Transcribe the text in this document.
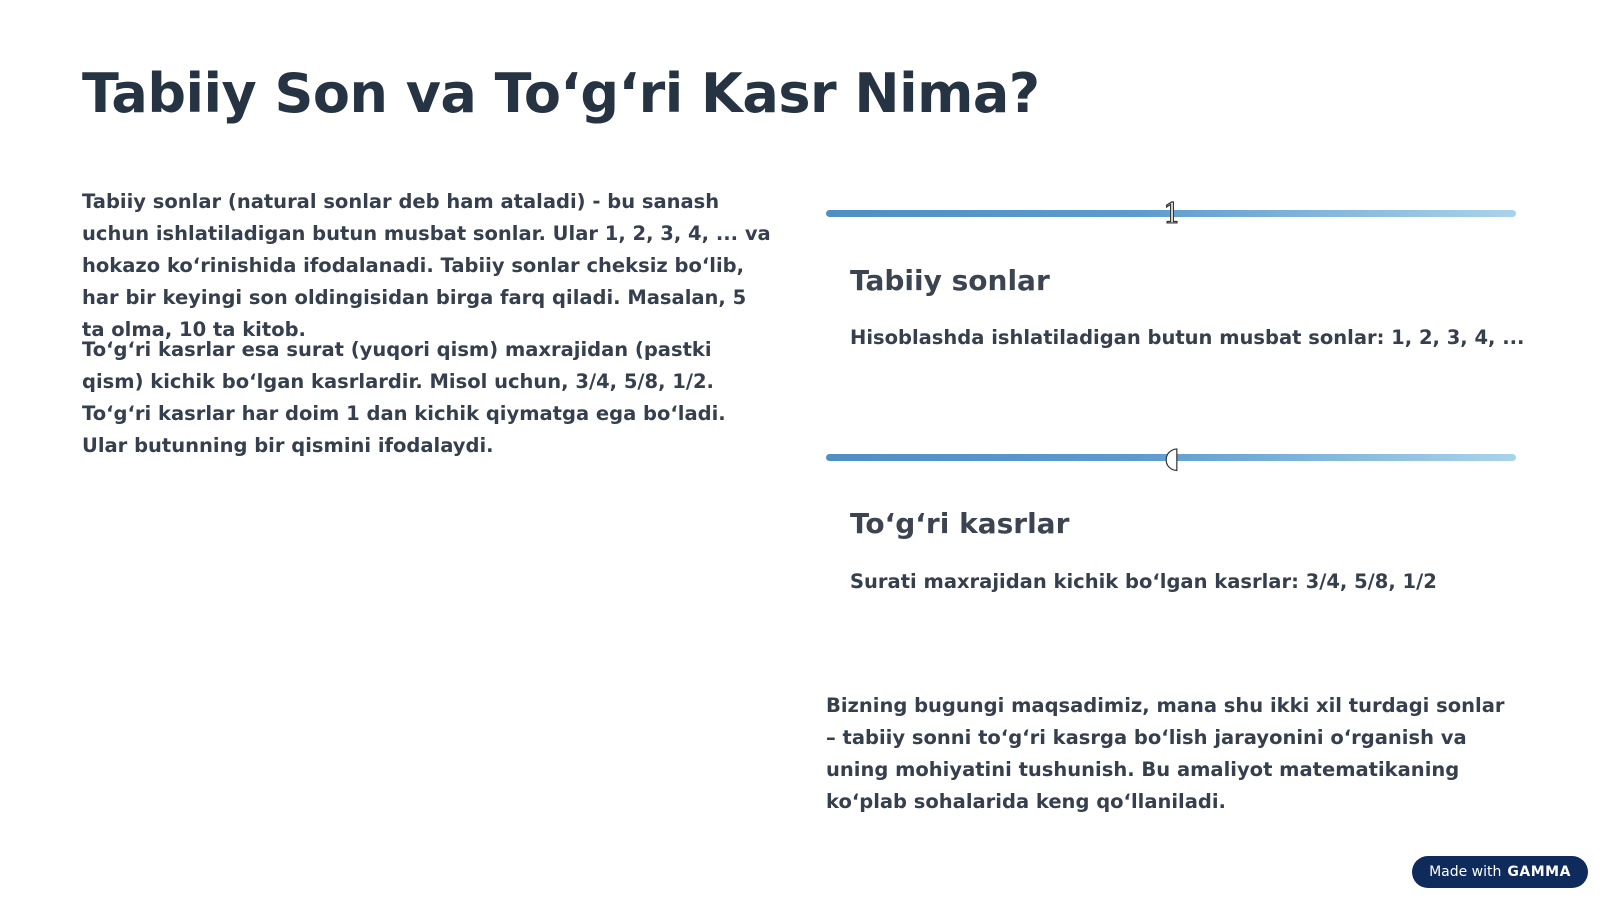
Tabiiy Son va To‘g‘ri Kasr Nima?

Tabiiy sonlar (natural sonlar deb ham ataladi) - bu sanash uchun ishlatiladigan butun musbat sonlar. Ular 1, 2, 3, 4, ... va hokazo ko‘rinishida ifodalanadi. Tabiiy sonlar cheksiz bo‘lib, har bir keyingi son oldingisidan birga farq qiladi. Masalan, 5 ta olma, 10 ta kitob.

To‘g‘ri kasrlar esa surat (yuqori qism) maxrajidan (pastki qism) kichik bo‘lgan kasrlardir. Misol uchun, 3/4, 5/8, 1/2. To‘g‘ri kasrlar har doim 1 dan kichik qiymatga ega bo‘ladi. Ular butunning bir qismini ifodalaydi.

1
Tabiiy sonlar

Hisoblashda ishlatiladigan butun musbat sonlar: 1, 2, 3, 4, ...

◖
To‘g‘ri kasrlar

Surati maxrajidan kichik bo‘lgan kasrlar: 3/4, 5/8, 1/2

Bizning bugungi maqsadimiz, mana shu ikki xil turdagi sonlar – tabiiy sonni to‘g‘ri kasrga bo‘lish jarayonini o‘rganish va uning mohiyatini tushunish. Bu amaliyot matematikaning ko‘plab sohalarida keng qo‘llaniladi.

Made with GAMMA
